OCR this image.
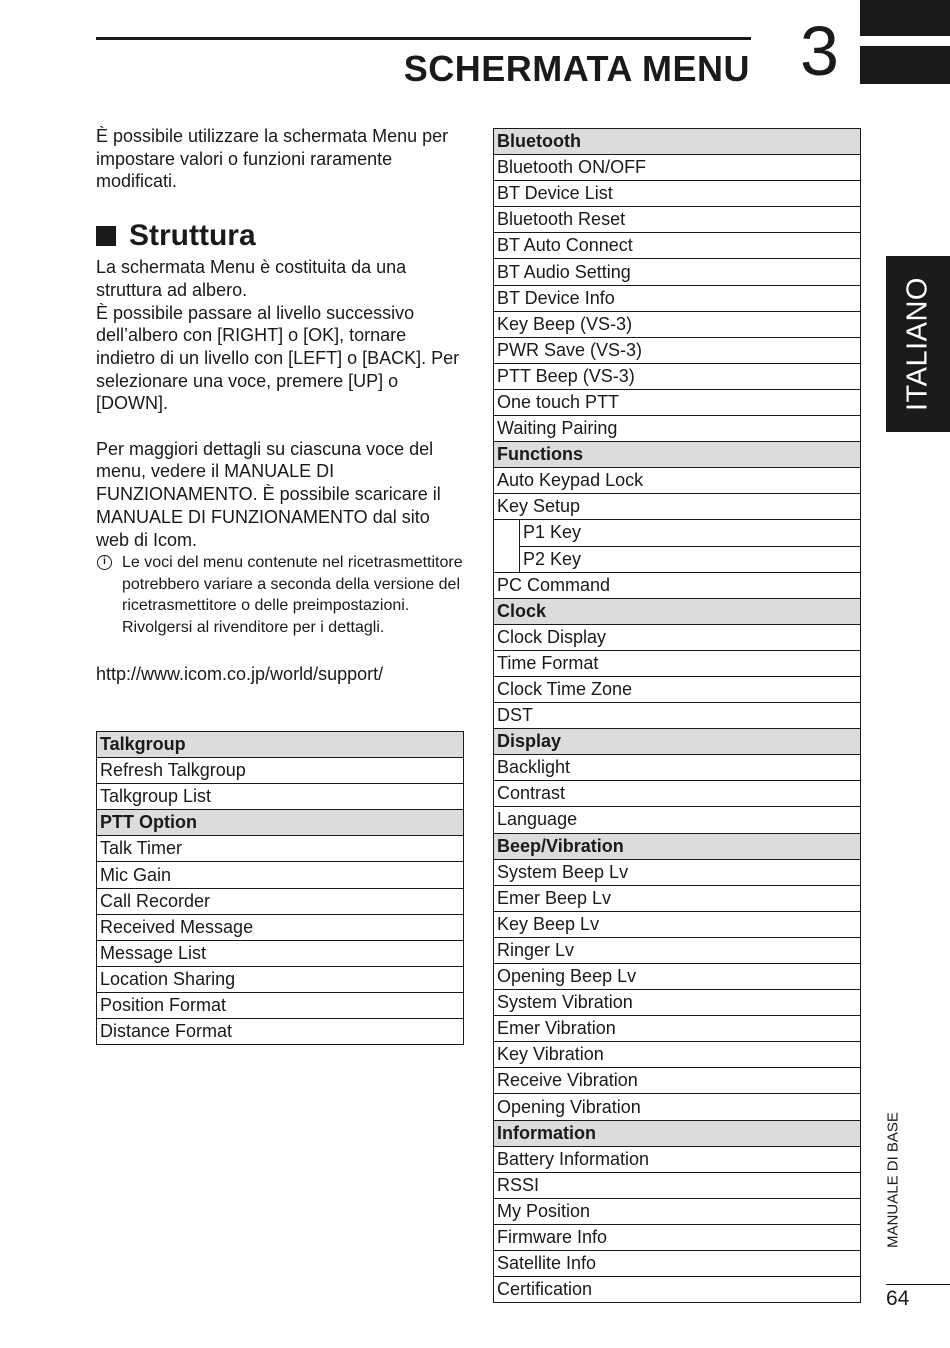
SCHERMATA MENU 3
ITALIANO
MANUALE DI BASE
64

È possibile utilizzare la schermata Menu per impostare valori o funzioni raramente modificati.

Struttura

La schermata Menu è costituita da una struttura ad albero.

È possibile passare al livello successivo dell’albero con [RIGHT] o [OK], tornare indietro di un livello con [LEFT] o [BACK]. Per selezionare una voce, premere [UP] o [DOWN].

Per maggiori dettagli su ciascuna voce del menu, vedere il MANUALE DI FUNZIONAMENTO. È possibile scaricare il MANUALE DI FUNZIONAMENTO dal sito web di Icom.

i	Le voci del menu contenute nel ricetrasmettitore potrebbero variare a seconda della versione del ricetrasmettitore o delle preimpostazioni. Rivolgersi al rivenditore per i dettagli.

http://www.icom.co.jp/world/support/

Talkgroup
Refresh Talkgroup
Talkgroup List
PTT Option
Talk Timer
Mic Gain
Call Recorder
Received Message
Message List
Location Sharing
Position Format
Distance Format
Bluetooth	
Bluetooth ON/OFF	
BT Device List	
Bluetooth Reset	
BT Auto Connect	
BT Audio Setting	
BT Device Info	
Key Beep (VS-3)	
PWR Save (VS-3)	
PTT Beep (VS-3)	
One touch PTT	
Waiting Pairing	
Functions	
Auto Keypad Lock	
Key Setup	
	P1 Key
	P2 Key
PC Command	
Clock	
Clock Display	
Time Format	
Clock Time Zone	
DST	
Display	
Backlight	
Contrast	
Language	
Beep/Vibration	
System Beep Lv	
Emer Beep Lv	
Key Beep Lv	
Ringer Lv	
Opening Beep Lv	
System Vibration	
Emer Vibration	
Key Vibration	
Receive Vibration	
Opening Vibration	
Information	
Battery Information	
RSSI	
My Position	
Firmware Info	
Satellite Info	
Certification	
